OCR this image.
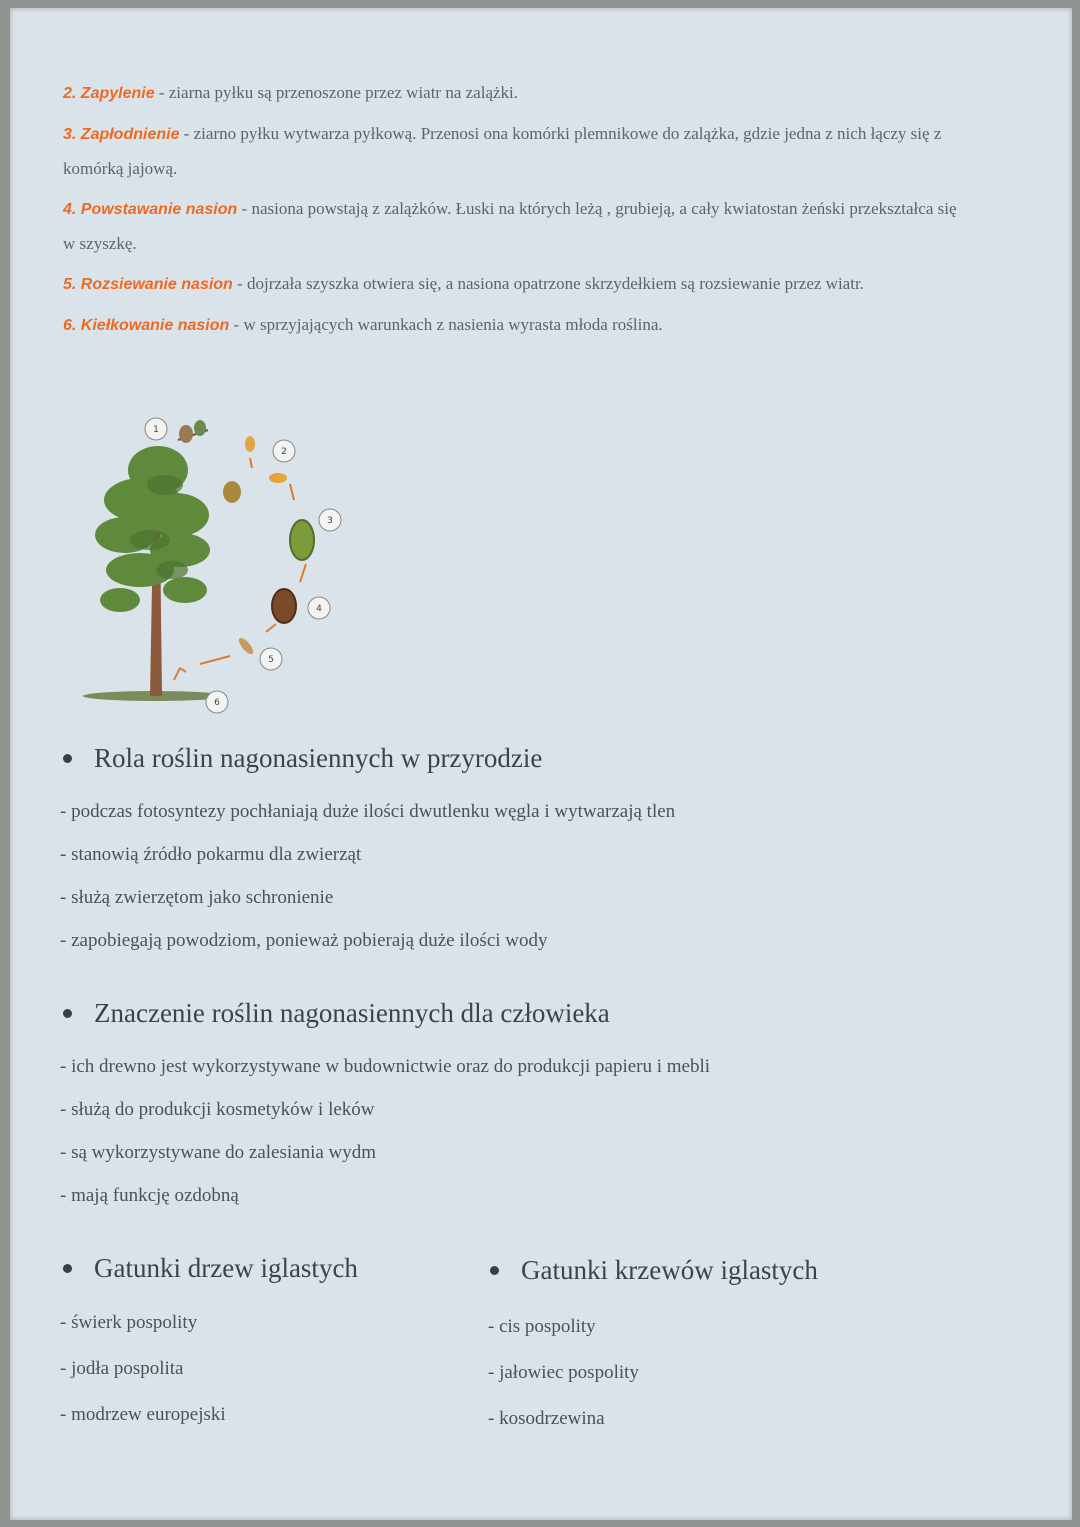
2. Zapylenie - ziarna pyłku są przenoszone przez wiatr na zalążki.

3. Zapłodnienie - ziarno pyłku wytwarza pyłkową. Przenosi ona komórki plemnikowe do zalążka, gdzie jedna z nich łączy się z komórką jajową.

4. Powstawanie nasion - nasiona powstają z zalążków. Łuski na których leżą , grubieją, a cały kwiatostan żeński przekształca się w szyszkę.

5. Rozsiewanie nasion - dojrzała szyszka otwiera się, a nasiona opatrzone skrzydełkiem są rozsiewanie przez wiatr.

6. Kiełkowanie nasion - w sprzyjających warunkach z nasienia wyrasta młoda roślina.

1
2
3
4
5
6
Rola roślin nagonasiennych w przyrodzie
- podczas fotosyntezy pochłaniają duże ilości dwutlenku węgla i wytwarzają tlen
- stanowią źródło pokarmu dla zwierząt
- służą zwierzętom jako schronienie
- zapobiegają powodziom, ponieważ pobierają duże ilości wody
Znaczenie roślin nagonasiennych dla człowieka
- ich drewno jest wykorzystywane w budownictwie oraz do produkcji papieru i mebli
- służą do produkcji kosmetyków i leków
- są wykorzystywane do zalesiania wydm
- mają funkcję ozdobną
Gatunki drzew iglastych
- świerk pospolity
- jodła pospolita
- modrzew europejski
Gatunki krzewów iglastych
- cis pospolity
- jałowiec pospolity
- kosodrzewina
